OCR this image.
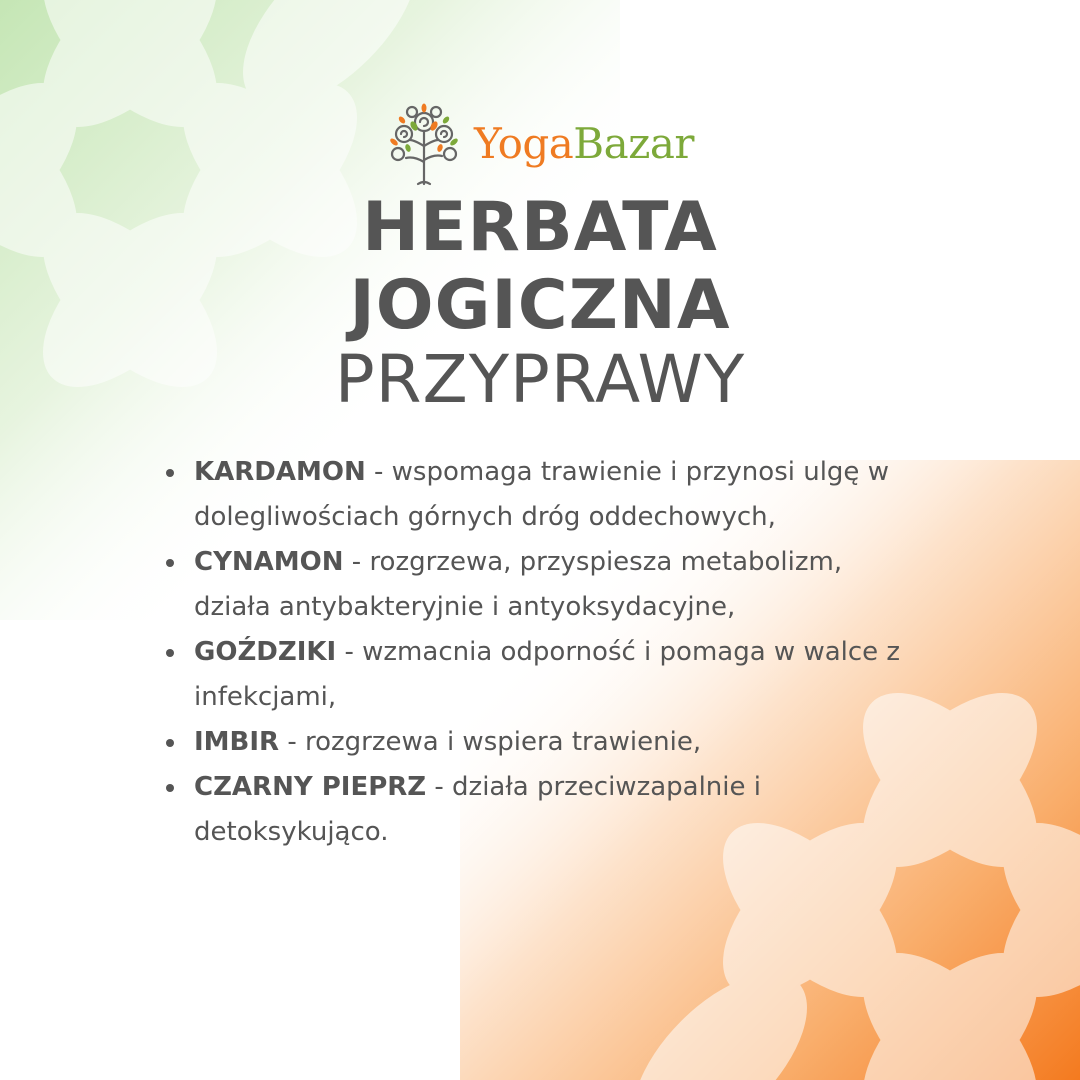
YogaBazar
HERBATA
JOGICZNA
PRZYPRAWY
KARDAMON - wspomaga trawienie i przynosi ulgę w dolegliwościach górnych dróg oddechowych,
CYNAMON - rozgrzewa, przyspiesza metabolizm, działa antybakteryjnie i antyoksydacyjne,
GOŹDZIKI - wzmacnia odporność i pomaga w walce z infekcjami,
IMBIR - rozgrzewa i wspiera trawienie,
CZARNY PIEPRZ - działa przeciwzapalnie i detoksykująco.
